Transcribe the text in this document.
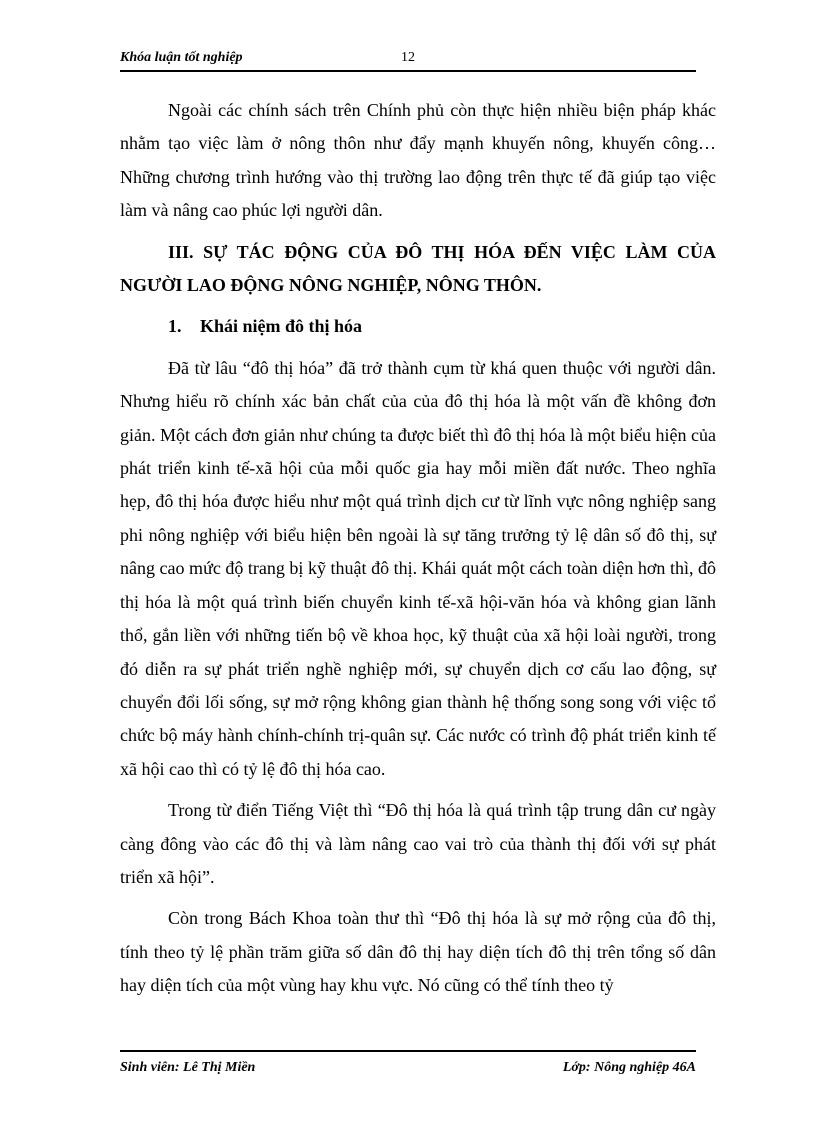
Khóa luận tốt nghiệp	12

Ngoài các chính sách trên Chính phủ còn thực hiện nhiều biện pháp khác nhằm tạo việc làm ở nông thôn như đẩy mạnh khuyến nông, khuyến công…Những chương trình hướng vào thị trường lao động trên thực tế đã giúp tạo việc làm và nâng cao phúc lợi người dân.

III. SỰ TÁC ĐỘNG CỦA ĐÔ THỊ HÓA ĐẾN VIỆC LÀM CỦA NGƯỜI LAO ĐỘNG NÔNG NGHIỆP, NÔNG THÔN.

1. Khái niệm đô thị hóa

Đã từ lâu “đô thị hóa” đã trở thành cụm từ khá quen thuộc với người dân. Nhưng hiểu rõ chính xác bản chất của của đô thị hóa là một vấn đề không đơn giản. Một cách đơn giản như chúng ta được biết thì đô thị hóa là một biểu hiện của phát triển kinh tế-xã hội của mỗi quốc gia hay mỗi miền đất nước. Theo nghĩa hẹp, đô thị hóa được hiểu như một quá trình dịch cư từ lĩnh vực nông nghiệp sang phi nông nghiệp với biểu hiện bên ngoài là sự tăng trưởng tỷ lệ dân số đô thị, sự nâng cao mức độ trang bị kỹ thuật đô thị. Khái quát một cách toàn diện hơn thì, đô thị hóa là một quá trình biến chuyển kinh tế-xã hội-văn hóa và không gian lãnh thổ, gắn liền với những tiến bộ về khoa học, kỹ thuật của xã hội loài người, trong đó diễn ra sự phát triển nghề nghiệp mới, sự chuyển dịch cơ cấu lao động, sự chuyển đổi lối sống, sự mở rộng không gian thành hệ thống song song với việc tổ chức bộ máy hành chính-chính trị-quân sự. Các nước có trình độ phát triển kinh tế xã hội cao thì có tỷ lệ đô thị hóa cao.

Trong từ điển Tiếng Việt thì “Đô thị hóa là quá trình tập trung dân cư ngày càng đông vào các đô thị và làm nâng cao vai trò của thành thị đối với sự phát triển xã hội”.

Còn trong Bách Khoa toàn thư thì “Đô thị hóa là sự mở rộng của đô thị, tính theo tỷ lệ phần trăm giữa số dân đô thị hay diện tích đô thị trên tổng số dân hay diện tích của một vùng hay khu vực. Nó cũng có thể tính theo tỷ

Sinh viên: Lê Thị Miền	Lớp: Nông nghiệp 46A
